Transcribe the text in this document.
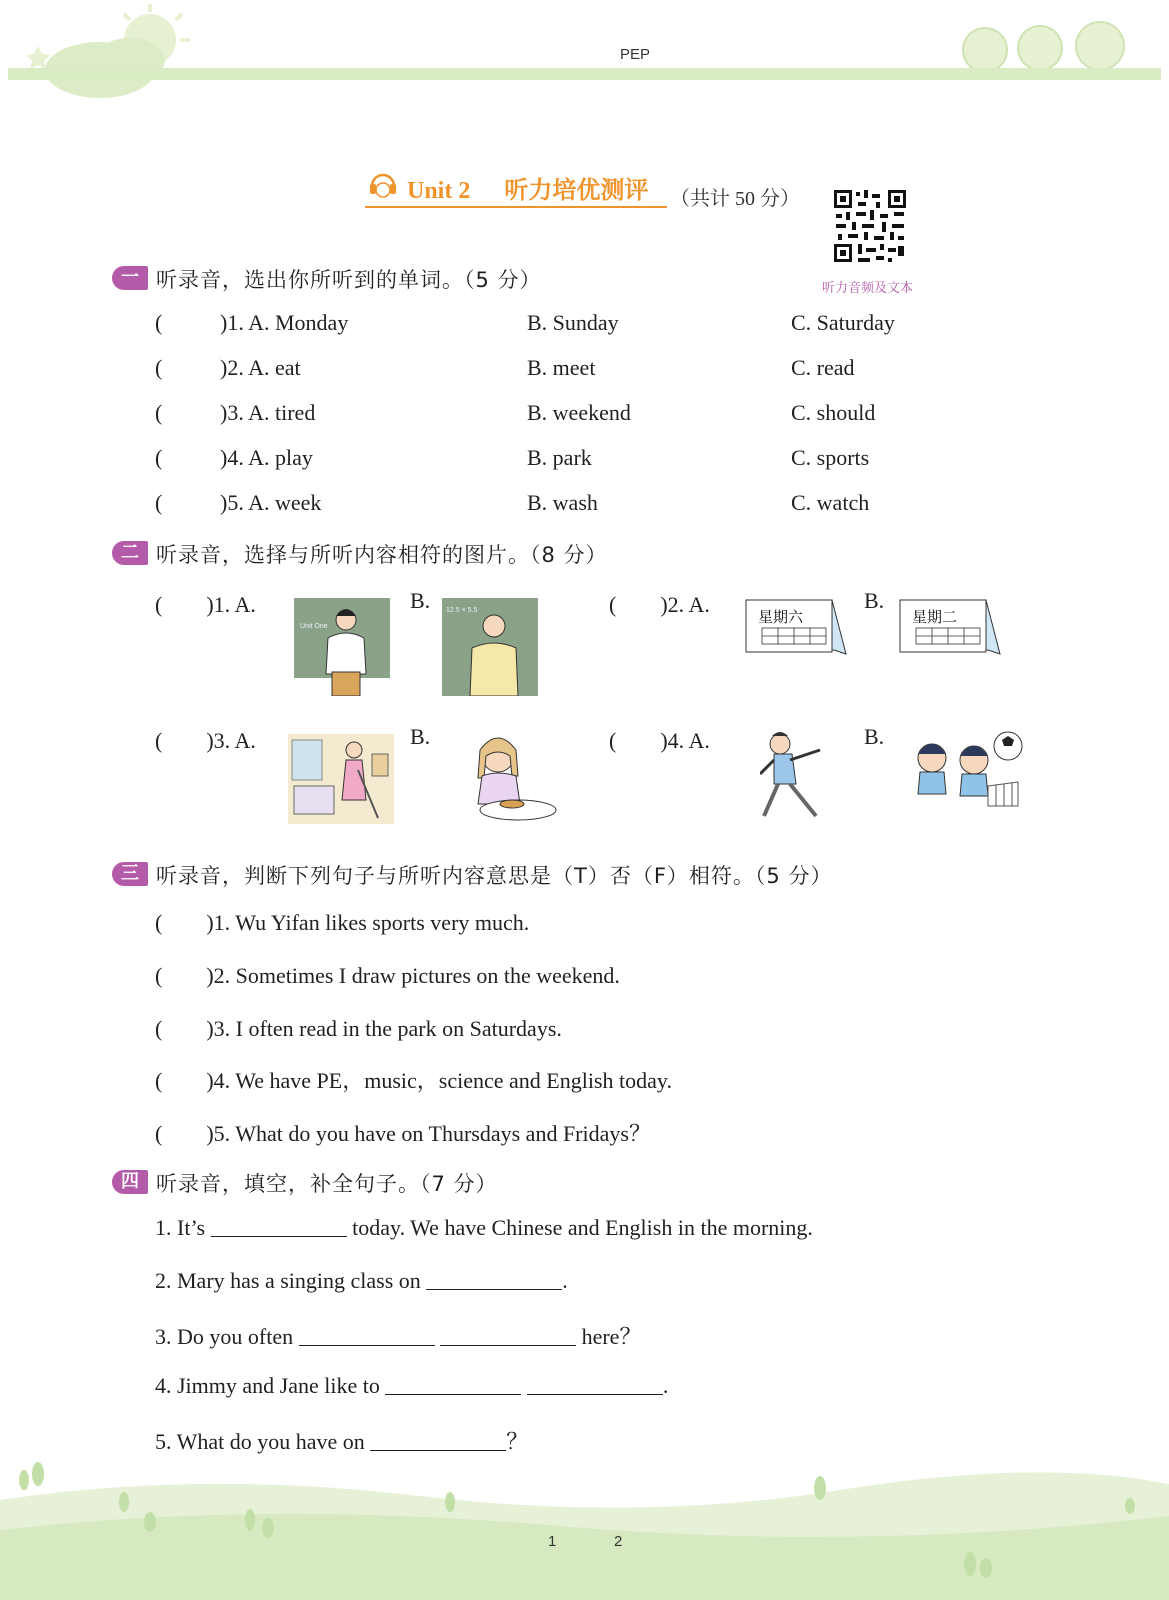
PEP
Unit 2 听力培优测评 （共计 50 分）
听力音频及文本
一 听录音，选出你所听到的单词。（5 分）
(	)1. A. Monday	B. Sunday	C. Saturday
(	)2. A. eat	B. meet	C. read
(	)3. A. tired	B. weekend	C. should
(	)4. A. play	B. park	C. sports
(	)5. A. week	B. wash	C. watch
二 听录音，选择与所听内容相符的图片。（8 分）
(　　)1. A.	B.	(　　)2. A.	B.
Unit One
12.5 × 5.5	星期六	星期二
(　　)3. A.	B.	(　　)4. A.	B.
三 听录音，判断下列句子与所听内容意思是（T）否（F）相符。（5 分）
(　　)1. Wu Yifan likes sports very much.
(　　)2. Sometimes I draw pictures on the weekend.
(　　)3. I often read in the park on Saturdays.
(　　)4. We have PE，music，science and English today.
(　　)5. What do you have on Thursdays and Fridays？
四 听录音，填空，补全句子。（7 分）
1. It’s	today. We have Chinese and English in the morning.
2. Mary has a singing class on	.
3. Do you often	here？
4. Jimmy and Jane like to	.
5. What do you have on	？
1	2
